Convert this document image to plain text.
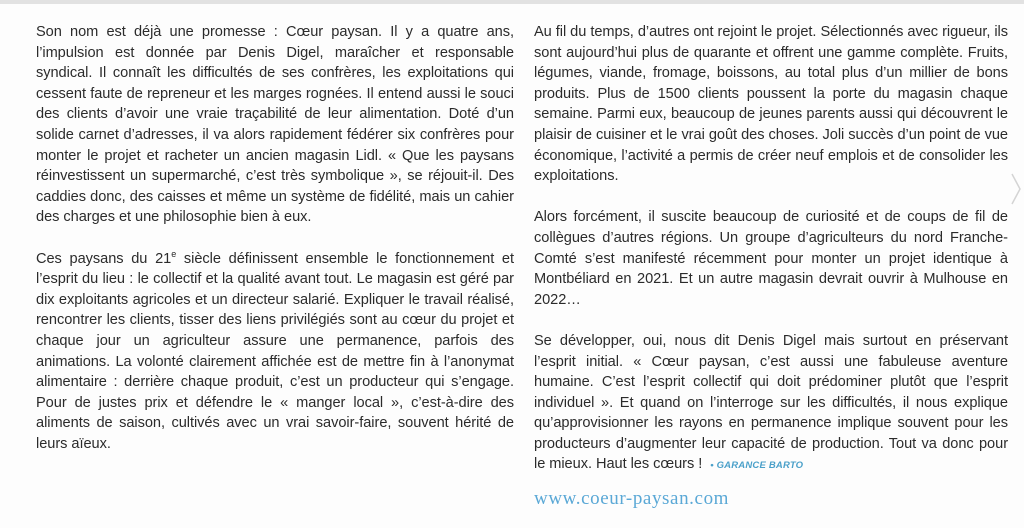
Son nom est déjà une promesse : Cœur paysan. Il y a quatre ans, l’impulsion est donnée par Denis Digel, maraîcher et responsable syndical. Il connaît les difficultés de ses confrères, les exploitations qui cessent faute de repreneur et les marges rognées. Il entend aussi le souci des clients d’avoir une vraie traçabilité de leur alimentation. Doté d’un solide carnet d’adresses, il va alors rapidement fédérer six confrères pour monter le projet et racheter un ancien magasin Lidl. « Que les paysans réinvestissent un supermarché, c’est très symbolique », se réjouit-il. Des caddies donc, des caisses et même un système de fidélité, mais un cahier des charges et une philosophie bien à eux.

Ces paysans du 21e siècle définissent ensemble le fonctionnement et l’esprit du lieu : le collectif et la qualité avant tout. Le magasin est géré par dix exploitants agricoles et un directeur salarié. Expliquer le travail réalisé, rencontrer les clients, tisser des liens privilégiés sont au cœur du projet et chaque jour un agriculteur assure une permanence, parfois des animations. La volonté clairement affichée est de mettre fin à l’anonymat alimentaire : derrière chaque produit, c’est un producteur qui s’engage. Pour de justes prix et défendre le « manger local », c’est-à-dire des aliments de saison, cultivés avec un vrai savoir-faire, souvent hérité de leurs aïeux.

Au fil du temps, d’autres ont rejoint le projet. Sélectionnés avec rigueur, ils sont aujourd’hui plus de quarante et offrent une gamme complète. Fruits, légumes, viande, fromage, boissons, au total plus d’un millier de bons produits. Plus de 1500 clients poussent la porte du magasin chaque semaine. Parmi eux, beaucoup de jeunes parents aussi qui découvrent le plaisir de cuisiner et le vrai goût des choses. Joli succès d’un point de vue économique, l’activité a permis de créer neuf emplois et de consolider les exploitations.

Alors forcément, il suscite beaucoup de curiosité et de coups de fil de collègues d’autres régions. Un groupe d’agriculteurs du nord Franche-Comté s’est manifesté récemment pour monter un projet identique à Montbéliard en 2021. Et un autre magasin devrait ouvrir à Mulhouse en 2022…

Se développer, oui, nous dit Denis Digel mais surtout en préservant l’esprit initial. « Cœur paysan, c’est aussi une fabuleuse aventure humaine. C’est l’esprit collectif qui doit prédominer plutôt que l’esprit individuel ». Et quand on l’interroge sur les difficultés, il nous explique qu’approvisionner les rayons en permanence implique souvent pour les producteurs d’augmenter leur capacité de production. Tout va donc pour le mieux. Haut les cœurs ! • GARANCE BARTO

www.coeur-paysan.com
